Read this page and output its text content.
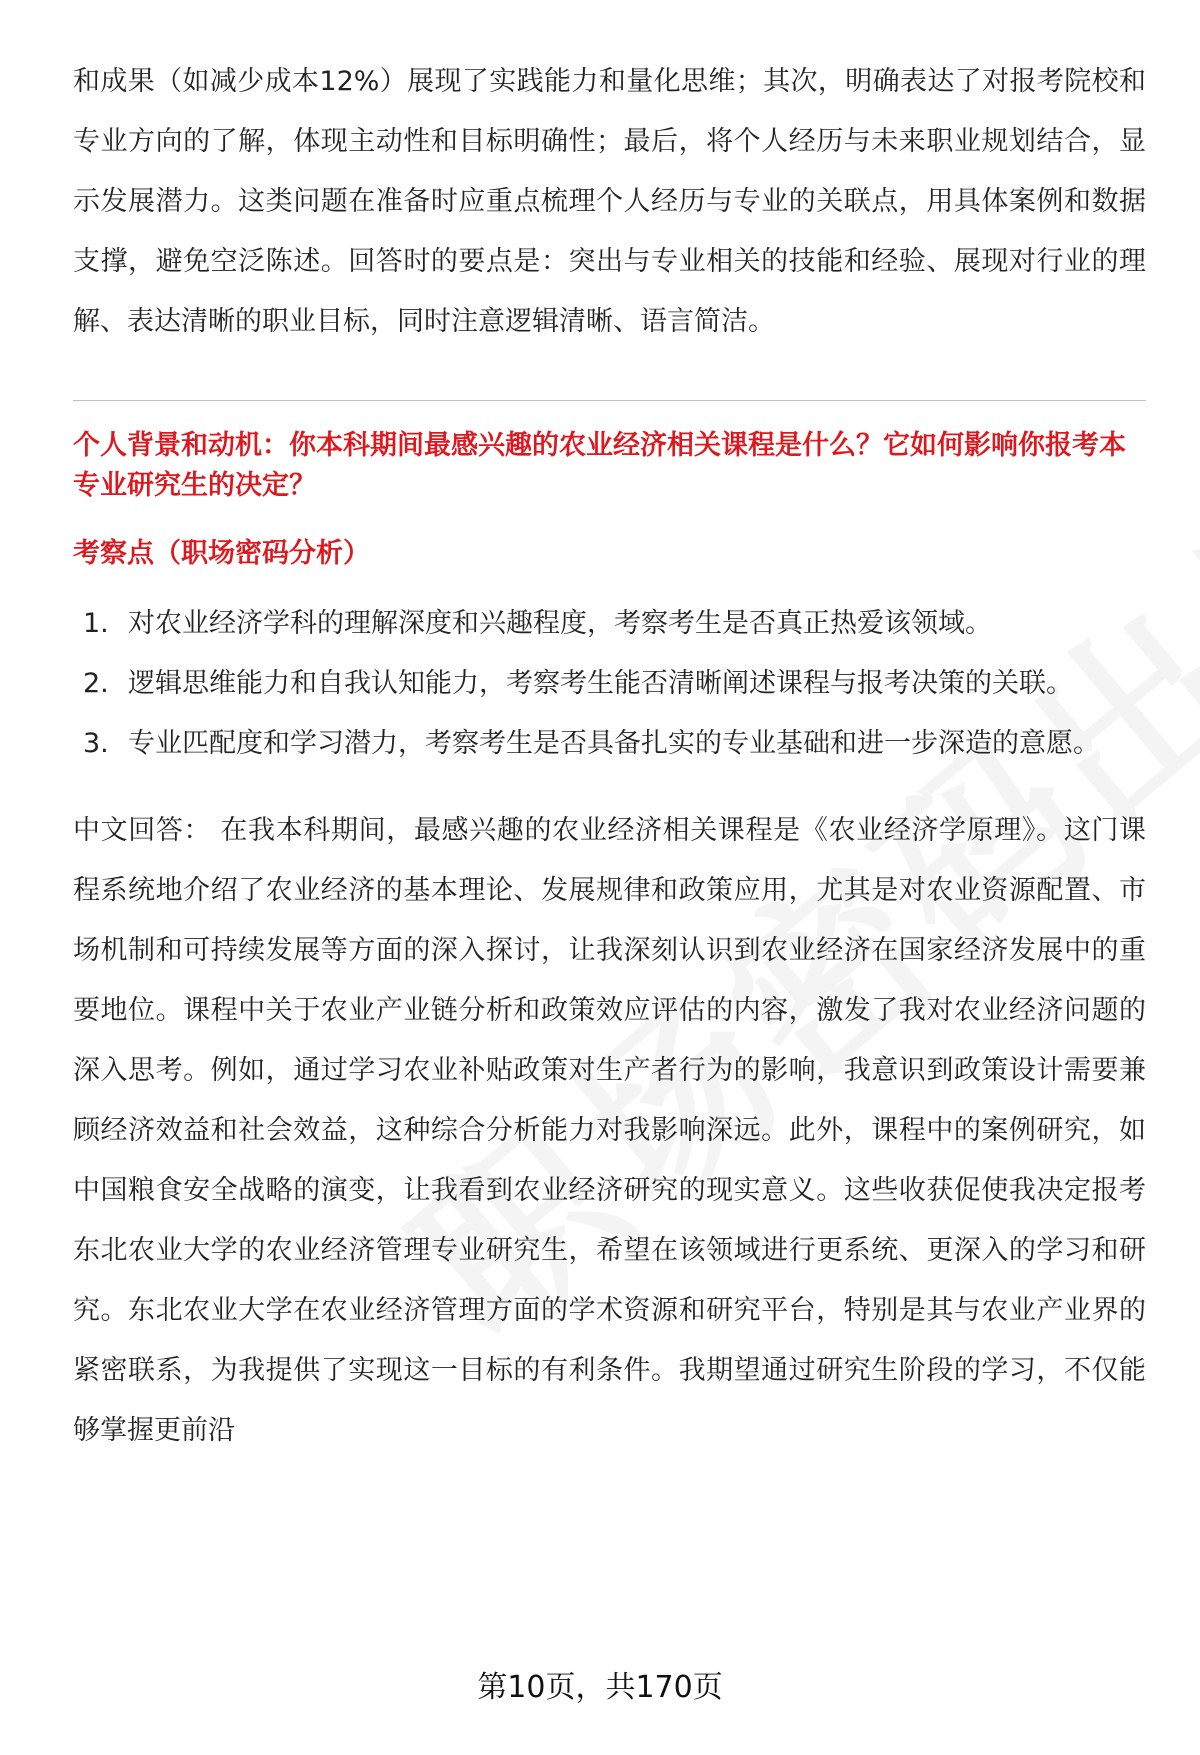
和成果（如减少成本12%）展现了实践能力和量化思维；其次，明确表达了对报考院校和专业方向的了解，体现主动性和目标明确性；最后，将个人经历与未来职业规划结合，显示发展潜力。这类问题在准备时应重点梳理个人经历与专业的关联点，用具体案例和数据支撑，避免空泛陈述。回答时的要点是：突出与专业相关的技能和经验、展现对行业的理解、表达清晰的职业目标，同时注意逻辑清晰、语言简洁。

个人背景和动机：你本科期间最感兴趣的农业经济相关课程是什么？它如何影响你报考本专业研究生的决定？
考察点（职场密码分析）
1. 对农业经济学科的理解深度和兴趣程度，考察考生是否真正热爱该领域。
2. 逻辑思维能力和自我认知能力，考察考生能否清晰阐述课程与报考决策的关联。
3. 专业匹配度和学习潜力，考察考生是否具备扎实的专业基础和进一步深造的意愿。

中文回答： 在我本科期间，最感兴趣的农业经济相关课程是《农业经济学原理》。这门课程系统地介绍了农业经济的基本理论、发展规律和政策应用，尤其是对农业资源配置、市场机制和可持续发展等方面的深入探讨，让我深刻认识到农业经济在国家经济发展中的重要地位。课程中关于农业产业链分析和政策效应评估的内容，激发了我对农业经济问题的深入思考。例如，通过学习农业补贴政策对生产者行为的影响，我意识到政策设计需要兼顾经济效益和社会效益，这种综合分析能力对我影响深远。此外，课程中的案例研究，如中国粮食安全战略的演变，让我看到农业经济研究的现实意义。这些收获促使我决定报考东北农业大学的农业经济管理专业研究生，希望在该领域进行更系统、更深入的学习和研究。东北农业大学在农业经济管理方面的学术资源和研究平台，特别是其与农业产业界的紧密联系，为我提供了实现这一目标的有利条件。我期望通过研究生阶段的学习，不仅能够掌握更前沿

第10页，共170页
